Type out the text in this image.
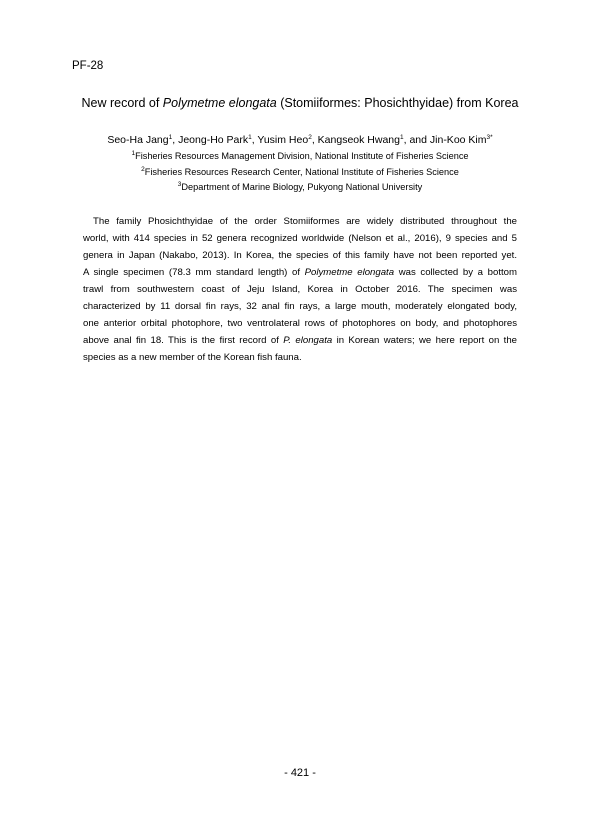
PF-28
New record of Polymetme elongata (Stomiiformes: Phosichthyidae) from Korea
Seo-Ha Jang$^1$, Jeong-Ho Park$^1$, Yusim Heo$^2$, Kangseok Hwang$^1$, and Jin-Koo Kim$^{3*}$
$^1$Fisheries Resources Management Division, National Institute of Fisheries Science
$^2$Fisheries Resources Research Center, National Institute of Fisheries Science
$^3$Department of Marine Biology, Pukyong National University
The family Phosichthyidae of the order Stomiiformes are widely distributed throughout the
world, with 414 species in 52 genera recognized worldwide (Nelson et al., 2016), 9 species and 5
genera in Japan (Nakabo, 2013). In Korea, the species of this family have not been reported yet.
A single specimen (78.3 mm standard length) of Polymetme elongata was collected by a bottom
trawl from southwestern coast of Jeju Island, Korea in October 2016. The specimen was
characterized by 11 dorsal fin rays, 32 anal fin rays, a large mouth, moderately elongated body,
one anterior orbital photophore, two ventrolateral rows of photophores on body, and photophores
above anal fin 18. This is the first record of P. elongata in Korean waters; we here report on the
species as a new member of the Korean fish fauna.
- 421 -
